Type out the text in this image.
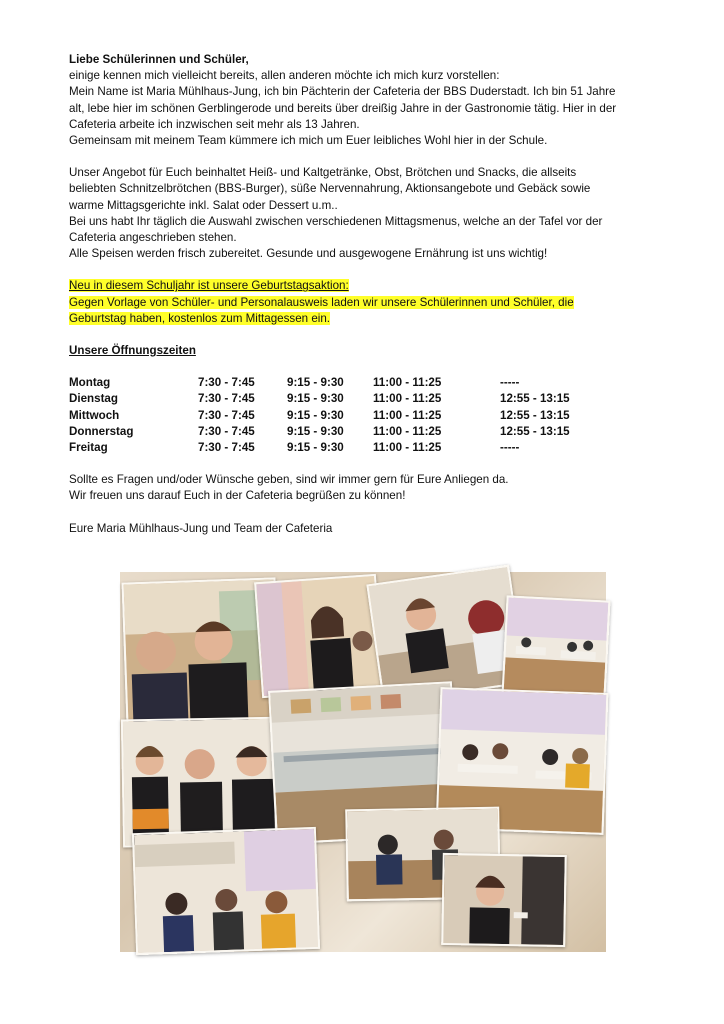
Liebe Schülerinnen und Schüler,

einige kennen mich vielleicht bereits, allen anderen möchte ich mich kurz vorstellen:

Mein Name ist Maria Mühlhaus-Jung, ich bin Pächterin der Cafeteria der BBS Duderstadt. Ich bin 51 Jahre

alt, lebe hier im schönen Gerblingerode und bereits über dreißig Jahre in der Gastronomie tätig. Hier in der

Cafeteria arbeite ich inzwischen seit mehr als 13 Jahren.

Gemeinsam mit meinem Team kümmere ich mich um Euer leibliches Wohl hier in der Schule.

Unser Angebot für Euch beinhaltet Heiß- und Kaltgetränke, Obst, Brötchen und Snacks, die allseits

beliebten Schnitzelbrötchen (BBS-Burger), süße Nervennahrung, Aktionsangebote und Gebäck sowie

warme Mittagsgerichte inkl. Salat oder Dessert u.m..

Bei uns habt Ihr täglich die Auswahl zwischen verschiedenen Mittagsmenus, welche an der Tafel vor der

Cafeteria angeschrieben stehen.

Alle Speisen werden frisch zubereitet. Gesunde und ausgewogene Ernährung ist uns wichtig!

Neu in diesem Schuljahr ist unsere Geburtstagsaktion:

Gegen Vorlage von Schüler- und Personalausweis laden wir unsere Schülerinnen und Schüler, die

Geburtstag haben, kostenlos zum Mittagessen ein.

Unsere Öffnungszeiten

Montag	7:30 - 7:45	9:15 - 9:30	11:00 - 11:25	-----
Dienstag	7:30 - 7:45	9:15 - 9:30	11:00 - 11:25	12:55 - 13:15
Mittwoch	7:30 - 7:45	9:15 - 9:30	11:00 - 11:25	12:55 - 13:15
Donnerstag	7:30 - 7:45	9:15 - 9:30	11:00 - 11:25	12:55 - 13:15
Freitag	7:30 - 7:45	9:15 - 9:30	11:00 - 11:25	-----

Sollte es Fragen und/oder Wünsche geben, sind wir immer gern für Eure Anliegen da.

Wir freuen uns darauf Euch in der Cafeteria begrüßen zu können!

Eure Maria Mühlhaus-Jung und Team der Cafeteria
